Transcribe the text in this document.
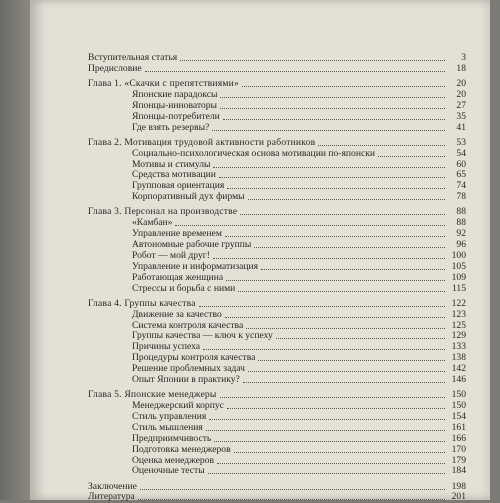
Вступительная статья	3
Предисловие	18
Глава 1. «Скачки с препятствиями»	20
Японские парадоксы	20
Японцы-инноваторы	27
Японцы-потребители	35
Где взять резервы?	41
Глава 2. Мотивация трудовой активности работников	53
Социально-психологическая основа мотивации по-японски	54
Мотивы и стимулы	60
Средства мотивации	65
Групповая ориентация	74
Корпоративный дух фирмы	78
Глава 3. Персонал на производстве	88
«Камбан»	88
Управление временем	92
Автономные рабочие группы	96
Робот — мой друг!	100
Управление и информатизация	105
Работающая женщина	109
Стрессы и борьба с ними	115
Глава 4. Группы качества	122
Движение за качество	123
Система контроля качества	125
Группы качества — ключ к успеху	129
Причины успеха	133
Процедуры контроля качества	138
Решение проблемных задач	142
Опыт Японии в практику?	146
Глава 5. Японские менеджеры	150
Менеджерский корпус	150
Стиль управления	154
Стиль мышления	161
Предприимчивость	166
Подготовка менеджеров	170
Оценка менеджеров	179
Оценочные тесты	184
Заключение	198
Литература	201
